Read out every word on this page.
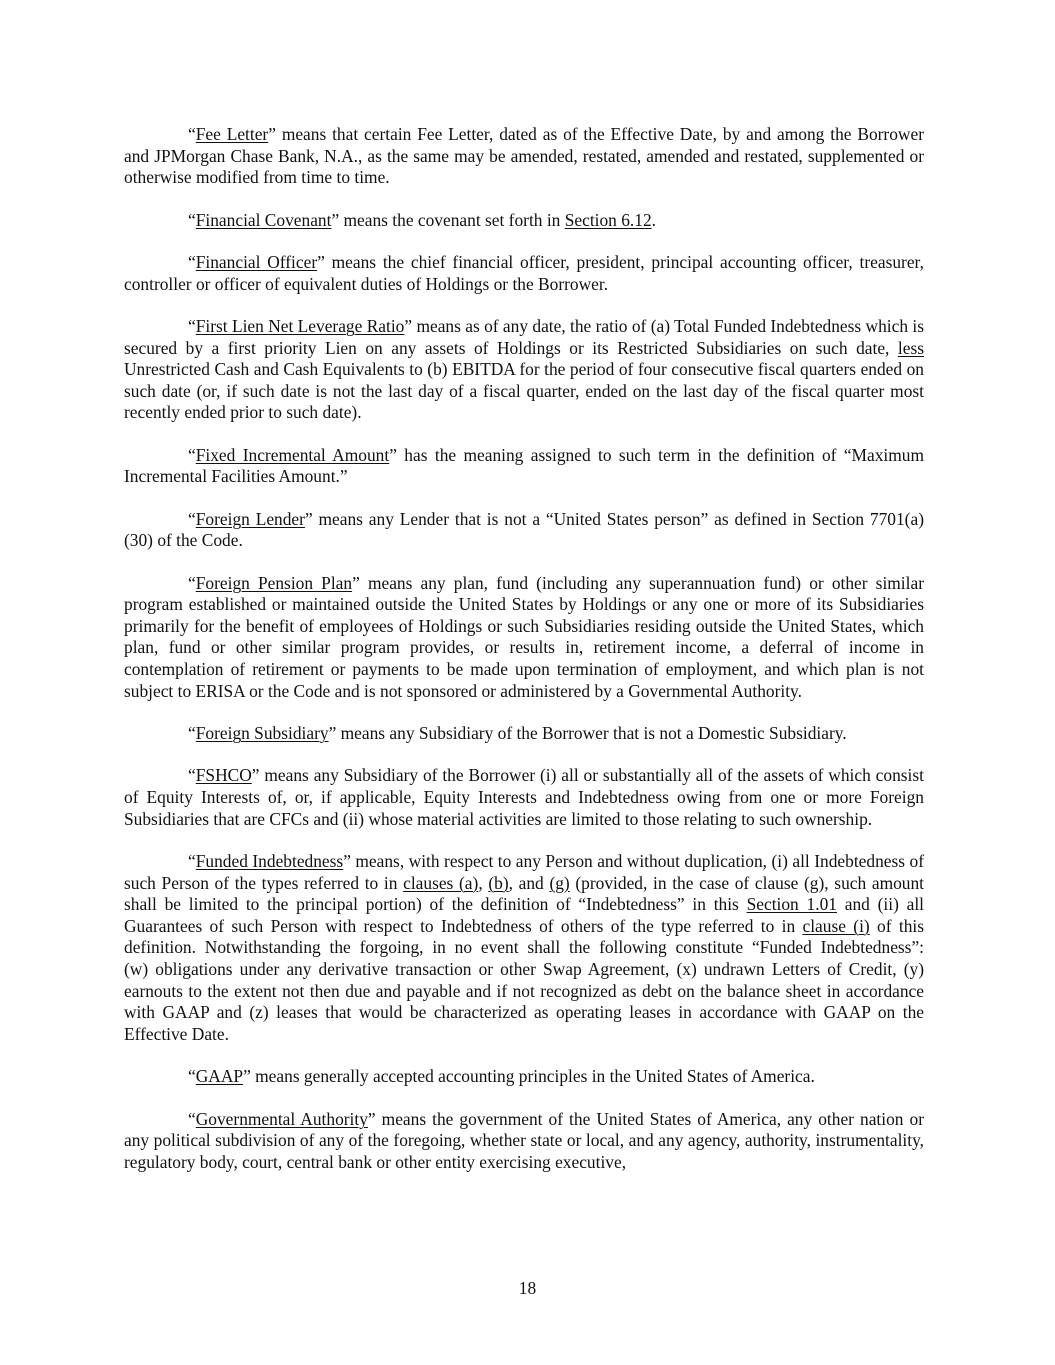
“Fee Letter” means that certain Fee Letter, dated as of the Effective Date, by and among the Borrower and JPMorgan Chase Bank, N.A., as the same may be amended, restated, amended and restated, supplemented or otherwise modified from time to time.

“Financial Covenant” means the covenant set forth in Section 6.12.

“Financial Officer” means the chief financial officer, president, principal accounting officer, treasurer, controller or officer of equivalent duties of Holdings or the Borrower.

“First Lien Net Leverage Ratio” means as of any date, the ratio of (a) Total Funded Indebtedness which is secured by a first priority Lien on any assets of Holdings or its Restricted Subsidiaries on such date, less Unrestricted Cash and Cash Equivalents to (b) EBITDA for the period of four consecutive fiscal quarters ended on such date (or, if such date is not the last day of a fiscal quarter, ended on the last day of the fiscal quarter most recently ended prior to such date).

“Fixed Incremental Amount” has the meaning assigned to such term in the definition of “Maximum Incremental Facilities Amount.”

“Foreign Lender” means any Lender that is not a “United States person” as defined in Section 7701(a)(30) of the Code.

“Foreign Pension Plan” means any plan, fund (including any superannuation fund) or other similar program established or maintained outside the United States by Holdings or any one or more of its Subsidiaries primarily for the benefit of employees of Holdings or such Subsidiaries residing outside the United States, which plan, fund or other similar program provides, or results in, retirement income, a deferral of income in contemplation of retirement or payments to be made upon termination of employment, and which plan is not subject to ERISA or the Code and is not sponsored or administered by a Governmental Authority.

“Foreign Subsidiary” means any Subsidiary of the Borrower that is not a Domestic Subsidiary.

“FSHCO” means any Subsidiary of the Borrower (i) all or substantially all of the assets of which consist of Equity Interests of, or, if applicable, Equity Interests and Indebtedness owing from one or more Foreign Subsidiaries that are CFCs and (ii) whose material activities are limited to those relating to such ownership.

“Funded Indebtedness” means, with respect to any Person and without duplication, (i) all Indebtedness of such Person of the types referred to in clauses (a), (b), and (g) (provided, in the case of clause (g), such amount shall be limited to the principal portion) of the definition of “Indebtedness” in this Section 1.01 and (ii) all Guarantees of such Person with respect to Indebtedness of others of the type referred to in clause (i) of this definition. Notwithstanding the forgoing, in no event shall the following constitute “Funded Indebtedness”: (w) obligations under any derivative transaction or other Swap Agreement, (x) undrawn Letters of Credit, (y) earnouts to the extent not then due and payable and if not recognized as debt on the balance sheet in accordance with GAAP and (z) leases that would be characterized as operating leases in accordance with GAAP on the Effective Date.

“GAAP” means generally accepted accounting principles in the United States of America.

“Governmental Authority” means the government of the United States of America, any other nation or any political subdivision of any of the foregoing, whether state or local, and any agency, authority, instrumentality, regulatory body, court, central bank or other entity exercising executive,

18
